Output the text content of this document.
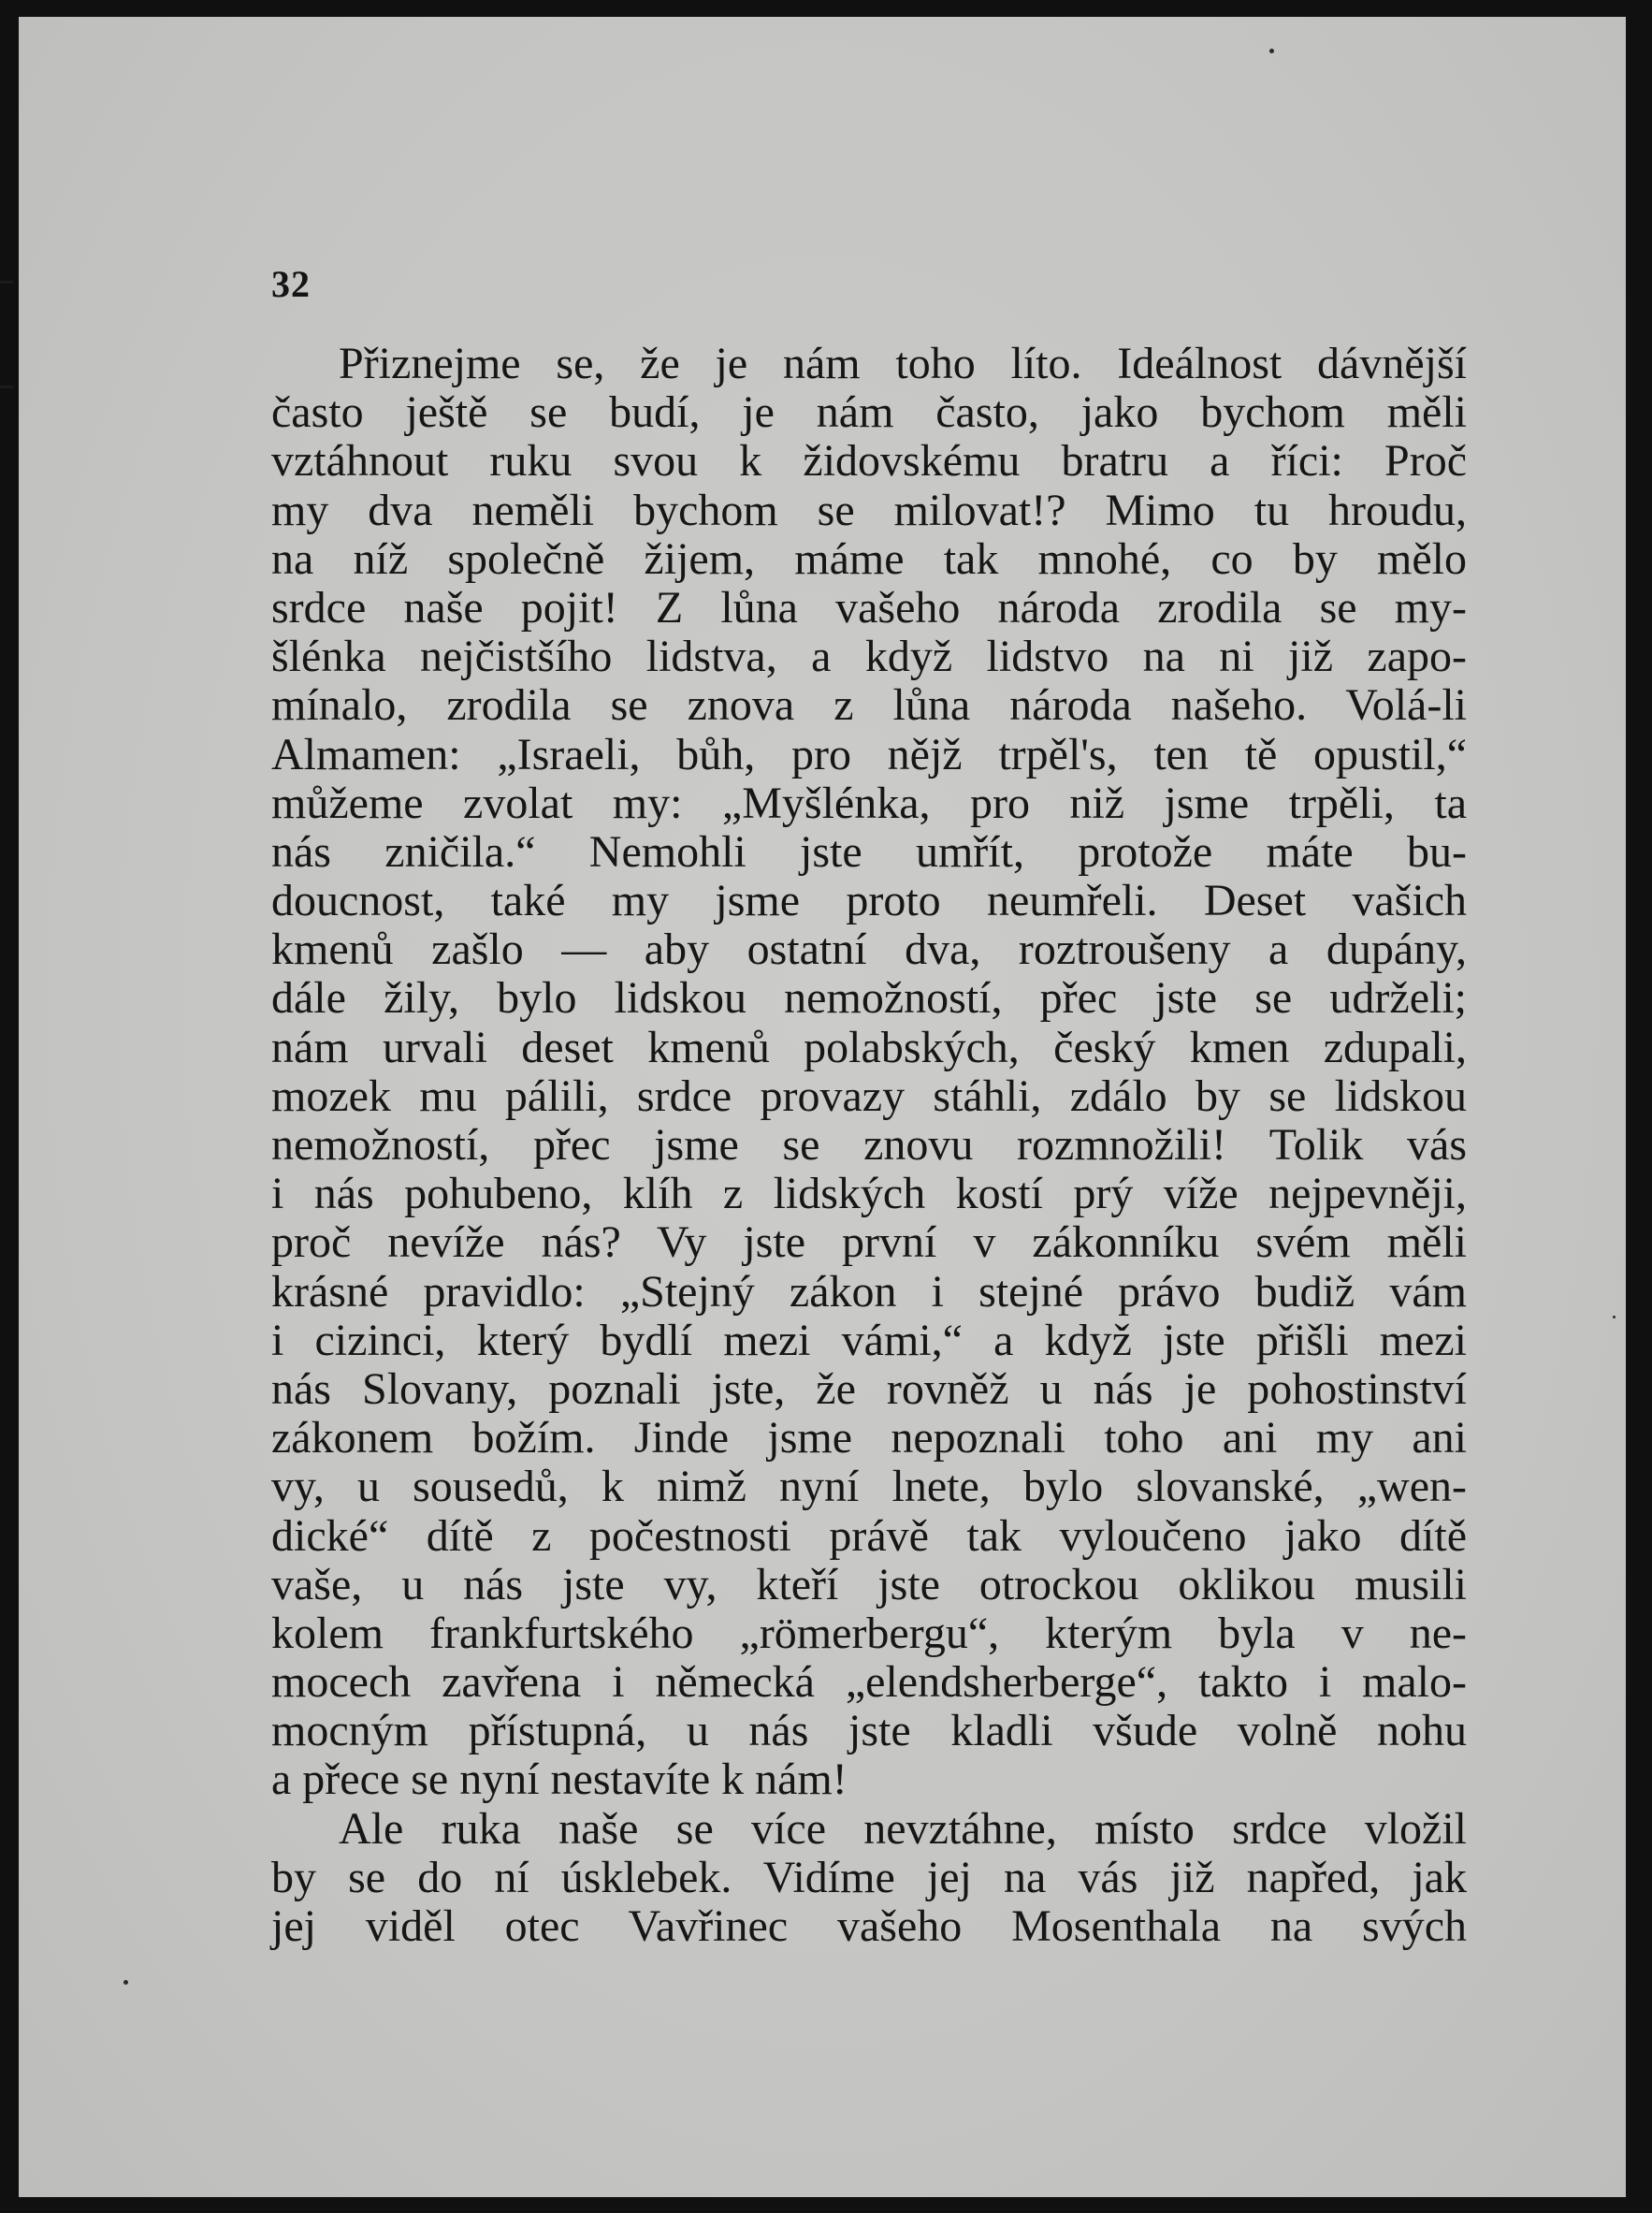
32
Přiznejme se, že je nám toho líto. Ideálnost dávnější
často ještě se budí, je nám často, jako bychom měli
vztáhnout ruku svou k židovskému bratru a říci: Proč
my dva neměli bychom se milovat!? Mimo tu hroudu,
na níž společně žijem, máme tak mnohé, co by mělo
srdce naše pojit! Z lůna vašeho národa zrodila se my-
šlénka nejčistšího lidstva, a když lidstvo na ni již zapo-
mínalo, zrodila se znova z lůna národa našeho. Volá-li
Almamen: „Israeli, bůh, pro nějž trpěl's, ten tě opustil,“
můžeme zvolat my: „Myšlénka, pro niž jsme trpěli, ta
nás zničila.“ Nemohli jste umřít, protože máte bu-
doucnost, také my jsme proto neumřeli. Deset vašich
kmenů zašlo — aby ostatní dva, roztroušeny a dupány,
dále žily, bylo lidskou nemožností, přec jste se udrželi;
nám urvali deset kmenů polabských, český kmen zdupali,
mozek mu pálili, srdce provazy stáhli, zdálo by se lidskou
nemožností, přec jsme se znovu rozmnožili! Tolik vás
i nás pohubeno, klíh z lidských kostí prý víže nejpevněji,
proč nevíže nás? Vy jste první v zákonníku svém měli
krásné pravidlo: „Stejný zákon i stejné právo budiž vám
i cizinci, který bydlí mezi vámi,“ a když jste přišli mezi
nás Slovany, poznali jste, že rovněž u nás je pohostinství
zákonem božím. Jinde jsme nepoznali toho ani my ani
vy, u sousedů, k nimž nyní lnete, bylo slovanské, „wen-
dické“ dítě z počestnosti právě tak vyloučeno jako dítě
vaše, u nás jste vy, kteří jste otrockou oklikou musili
kolem frankfurtského „römerbergu“, kterým byla v ne-
mocech zavřena i německá „elendsherberge“, takto i malo-
mocným přístupná, u nás jste kladli všude volně nohu
a přece se nyní nestavíte k nám!
Ale ruka naše se více nevztáhne, místo srdce vložil
by se do ní úsklebek. Vidíme jej na vás již napřed, jak
jej viděl otec Vavřinec vašeho Mosenthala na svých
